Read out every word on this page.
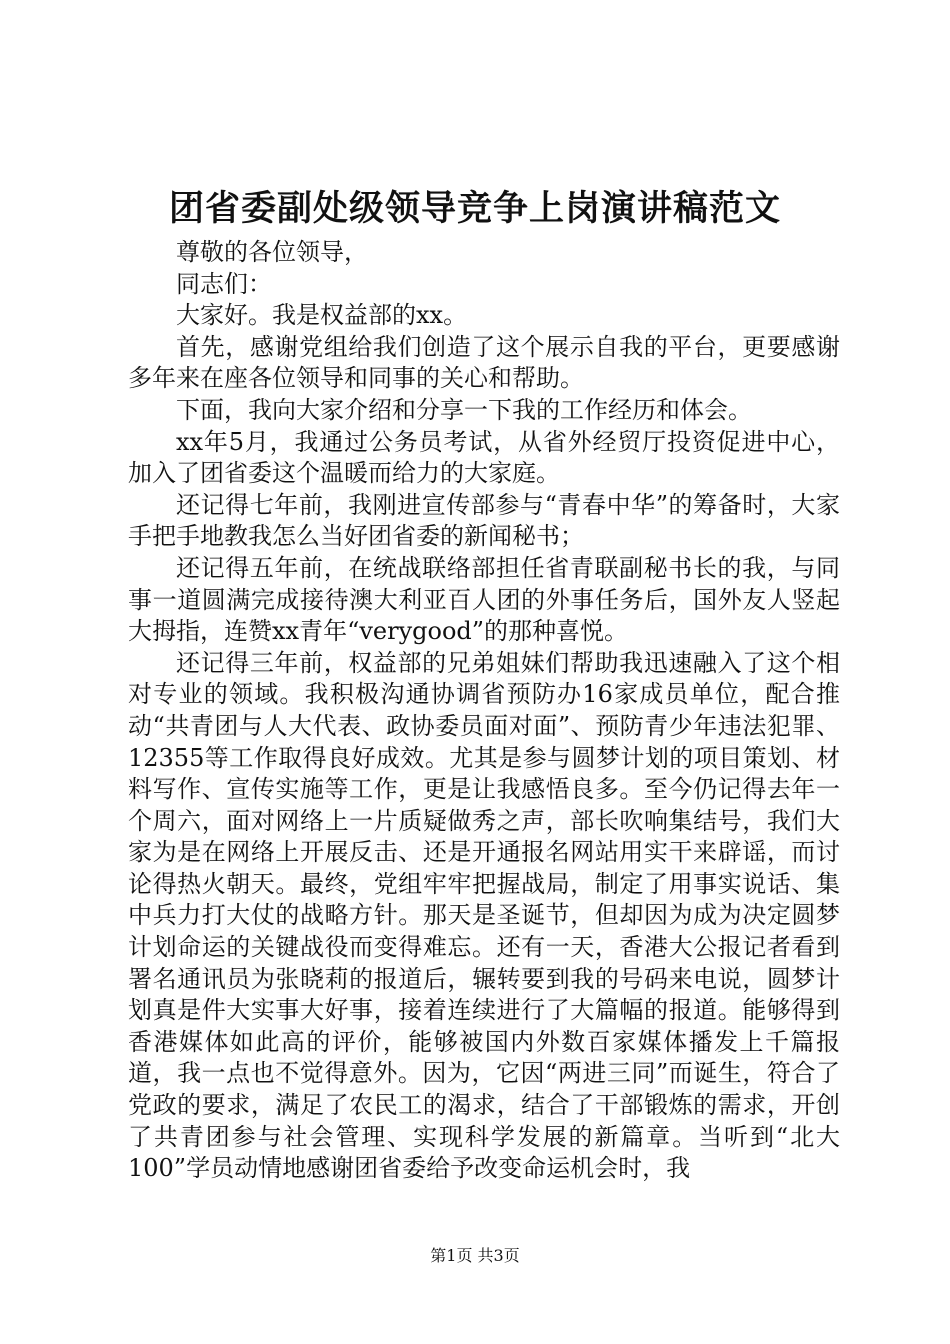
团省委副处级领导竞争上岗演讲稿范文

尊敬的各位领导，

同志们：

大家好。我是权益部的xx。

首先，感谢党组给我们创造了这个展示自我的平台，更要感谢多年来在座各位领导和同事的关心和帮助。

下面，我向大家介绍和分享一下我的工作经历和体会。

xx年5月，我通过公务员考试，从省外经贸厅投资促进中心，加入了团省委这个温暖而给力的大家庭。

还记得七年前，我刚进宣传部参与“青春中华”的筹备时，大家手把手地教我怎么当好团省委的新闻秘书；

还记得五年前，在统战联络部担任省青联副秘书长的我，与同事一道圆满完成接待澳大利亚百人团的外事任务后，国外友人竖起大拇指，连赞xx青年“verygood”的那种喜悦。

还记得三年前，权益部的兄弟姐妹们帮助我迅速融入了这个相对专业的领域。我积极沟通协调省预防办16家成员单位，配合推动“共青团与人大代表、政协委员面对面”、预防青少年违法犯罪、12355等工作取得良好成效。尤其是参与圆梦计划的项目策划、材料写作、宣传实施等工作，更是让我感悟良多。至今仍记得去年一个周六，面对网络上一片质疑做秀之声，部长吹响集结号，我们大家为是在网络上开展反击、还是开通报名网站用实干来辟谣，而讨论得热火朝天。最终，党组牢牢把握战局，制定了用事实说话、集中兵力打大仗的战略方针。那天是圣诞节，但却因为成为决定圆梦计划命运的关键战役而变得难忘。还有一天，香港大公报记者看到署名通讯员为张晓莉的报道后，辗转要到我的号码来电说，圆梦计划真是件大实事大好事，接着连续进行了大篇幅的报道。能够得到香港媒体如此高的评价，能够被国内外数百家媒体播发上千篇报道，我一点也不觉得意外。因为，它因“两进三同”而诞生，符合了党政的要求，满足了农民工的渴求，结合了干部锻炼的需求，开创了共青团参与社会管理、实现科学发展的新篇章。当听到“北大100”学员动情地感谢团省委给予改变命运机会时，我

第1页 共3页
